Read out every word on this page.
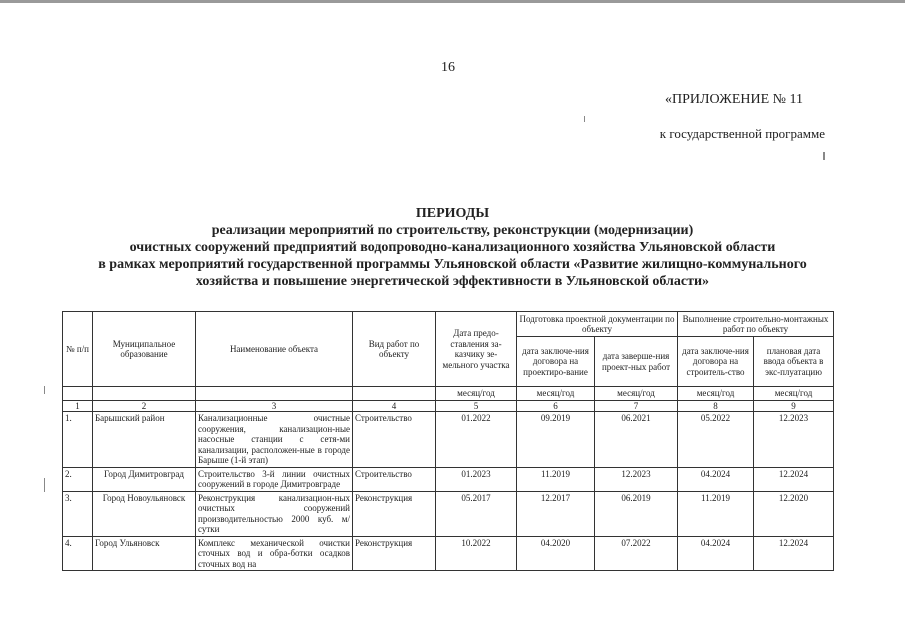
16
«ПРИЛОЖЕНИЕ № 11
к государственной программе
ПЕРИОДЫ
реализации мероприятий по строительству, реконструкции (модернизации)
очистных сооружений предприятий водопроводно-канализационного хозяйства Ульяновской области
в рамках мероприятий государственной программы Ульяновской области «Развитие жилищно-коммунального
хозяйства и повышение энергетической эффективности в Ульяновской области»
№ п/п	Муниципальное образование	Наименование объекта	Вид работ по объекту	Дата предо-ставления за-казчику зе-мельного участка	Подготовка проектной документации по объекту		Выполнение строительно-монтажных работ по объекту	
					дата заключе-ния договора на проектиро-вание	дата заверше-ния проект-ных работ	дата заключе-ния договора на строитель-ство	плановая дата ввода объекта в экс-плуатацию
				месяц/год	месяц/год	месяц/год	месяц/год	месяц/год
1	2	3	4	5	6	7	8	9
1.	Барышский район	Канализационные очистные сооружения, канализацион-ные насосные станции с сетя-ми канализации, расположен-ные в городе Барыше (1-й этап)	Строительство	01.2022	09.2019	06.2021	05.2022	12.2023
2.	Город Димитровград	Строительство 3-й линии очистных сооружений в городе Димитровграде	Строительство	01.2023	11.2019	12.2023	04.2024	12.2024
3.	Город Новоульяновск	Реконструкция канализацион-ных очистных сооружений производительностью 2000 куб. м/сутки	Реконструкция	05.2017	12.2017	06.2019	11.2019	12.2020
4.	Город Ульяновск	Комплекс механической очистки сточных вод и обра-ботки осадков сточных вод на	Реконструкция	10.2022	04.2020	07.2022	04.2024	12.2024
